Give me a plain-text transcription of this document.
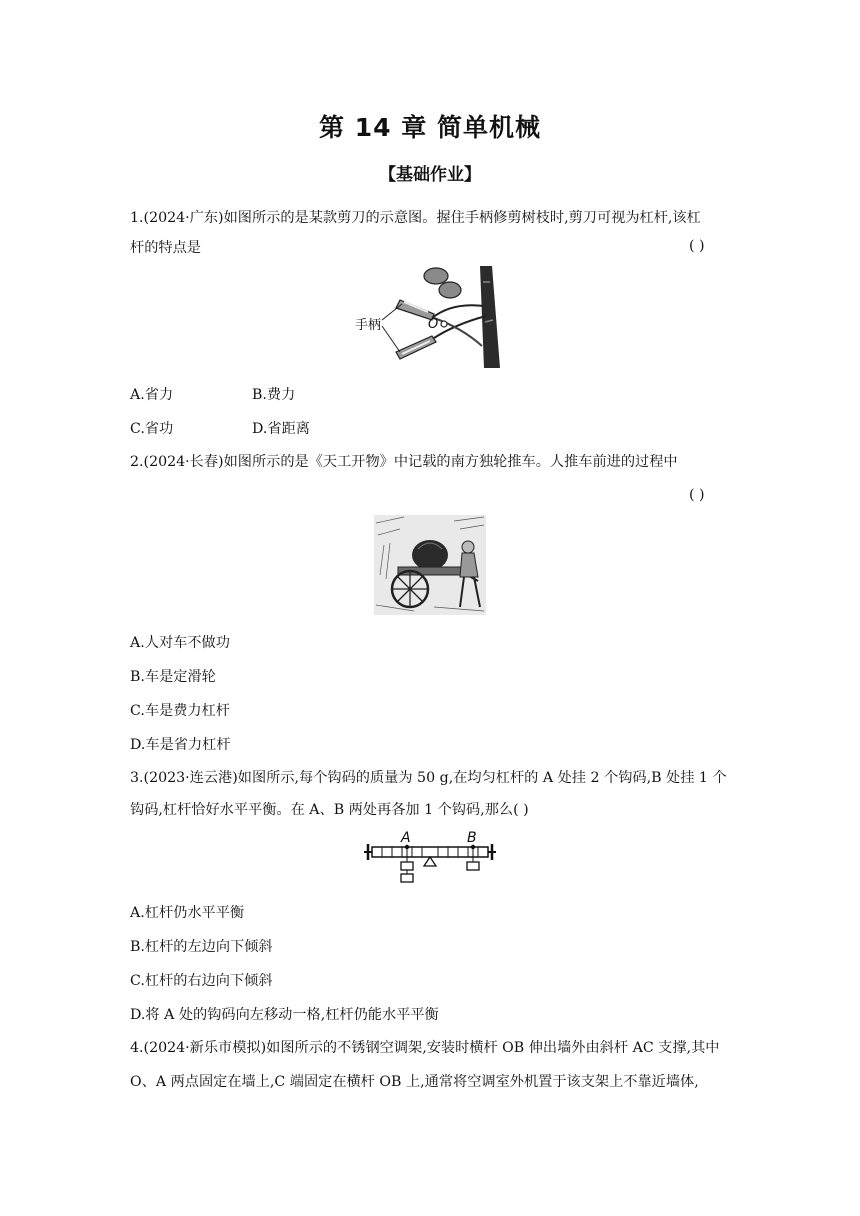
第 14 章 简单机械
【基础作业】
1.(2024·广东)如图所示的是某款剪刀的示意图。握住手柄修剪树枝时,剪刀可视为杠杆,该杠
杆的特点是	( )
手柄	O
A.省力	B.费力
C.省功	D.省距离
2.(2024·长春)如图所示的是《天工开物》中记载的南方独轮推车。人推车前进的过程中
( )
A.人对车不做功
B.车是定滑轮
C.车是费力杠杆
D.车是省力杠杆
3.(2023·连云港)如图所示,每个钩码的质量为 50 g,在均匀杠杆的 A 处挂 2 个钩码,B 处挂 1 个
钩码,杠杆恰好水平平衡。在 A、B 两处再各加 1 个钩码,那么( )
A	B
A.杠杆仍水平平衡
B.杠杆的左边向下倾斜
C.杠杆的右边向下倾斜
D.将 A 处的钩码向左移动一格,杠杆仍能水平平衡
4.(2024·新乐市模拟)如图所示的不锈钢空调架,安装时横杆 OB 伸出墙外由斜杆 AC 支撑,其中
O、A 两点固定在墙上,C 端固定在横杆 OB 上,通常将空调室外机置于该支架上不靠近墙体,
